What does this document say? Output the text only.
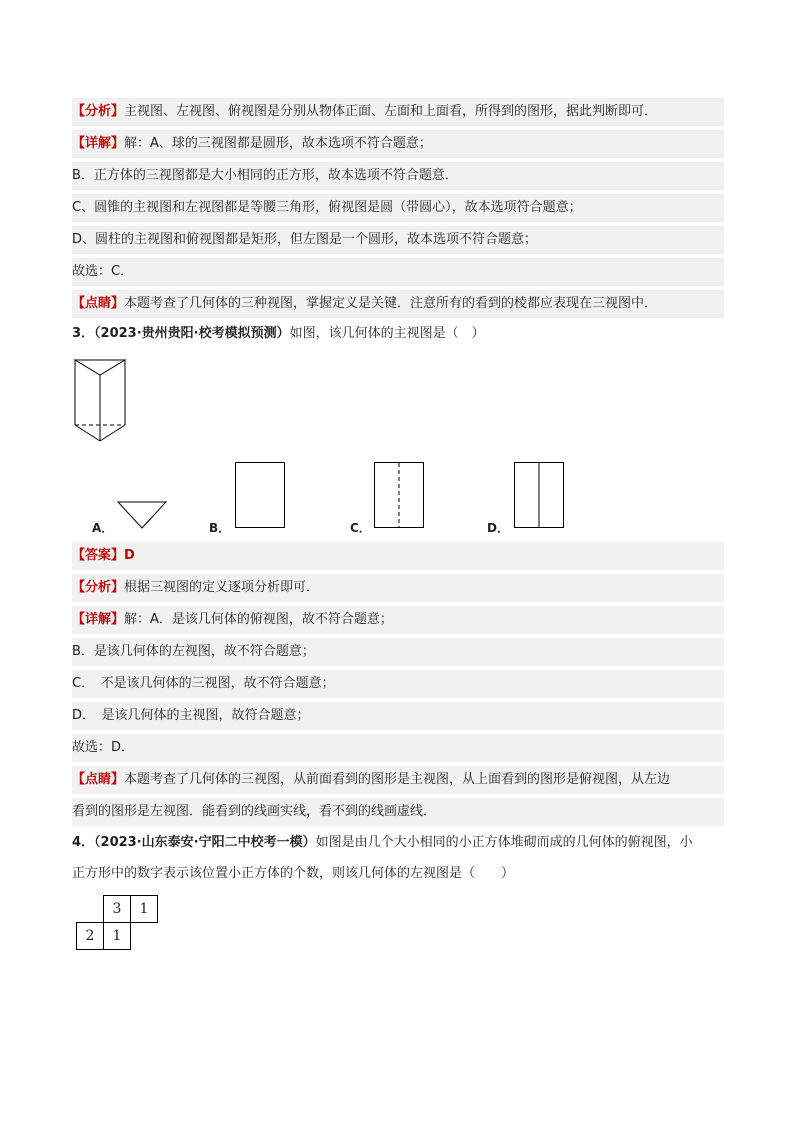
【分析】主视图、左视图、俯视图是分别从物体正面、左面和上面看，所得到的图形，据此判断即可．
【详解】解：A、球的三视图都是圆形，故本选项不符合题意；
B．正方体的三视图都是大小相同的正方形，故本选项不符合题意．
C、圆锥的主视图和左视图都是等腰三角形，俯视图是圆（带圆心），故本选项符合题意；
D、圆柱的主视图和俯视图都是矩形，但左图是一个圆形，故本选项不符合题意；
故选：C．
【点睛】本题考查了几何体的三种视图，掌握定义是关键．注意所有的看到的棱都应表现在三视图中．
3．（2023·贵州贵阳·校考模拟预测）如图，该几何体的主视图是（　）
A．	B．	C．	D．
【答案】D
【分析】根据三视图的定义逐项分析即可．
【详解】解：A．是该几何体的俯视图，故不符合题意；
B．是该几何体的左视图，故不符合题意；
C．　不是该几何体的三视图，故不符合题意；
D．　是该几何体的主视图，故符合题意；
故选：D．
【点睛】本题考查了几何体的三视图，从前面看到的图形是主视图，从上面看到的图形是俯视图，从左边
看到的图形是左视图．能看到的线画实线，看不到的线画虚线．
4．（2023·山东泰安·宁阳二中校考一模）如图是由几个大小相同的小正方体堆砌而成的几何体的俯视图，小
正方形中的数字表示该位置小正方体的个数，则该几何体的左视图是（　　）
	3	1
2	1	
